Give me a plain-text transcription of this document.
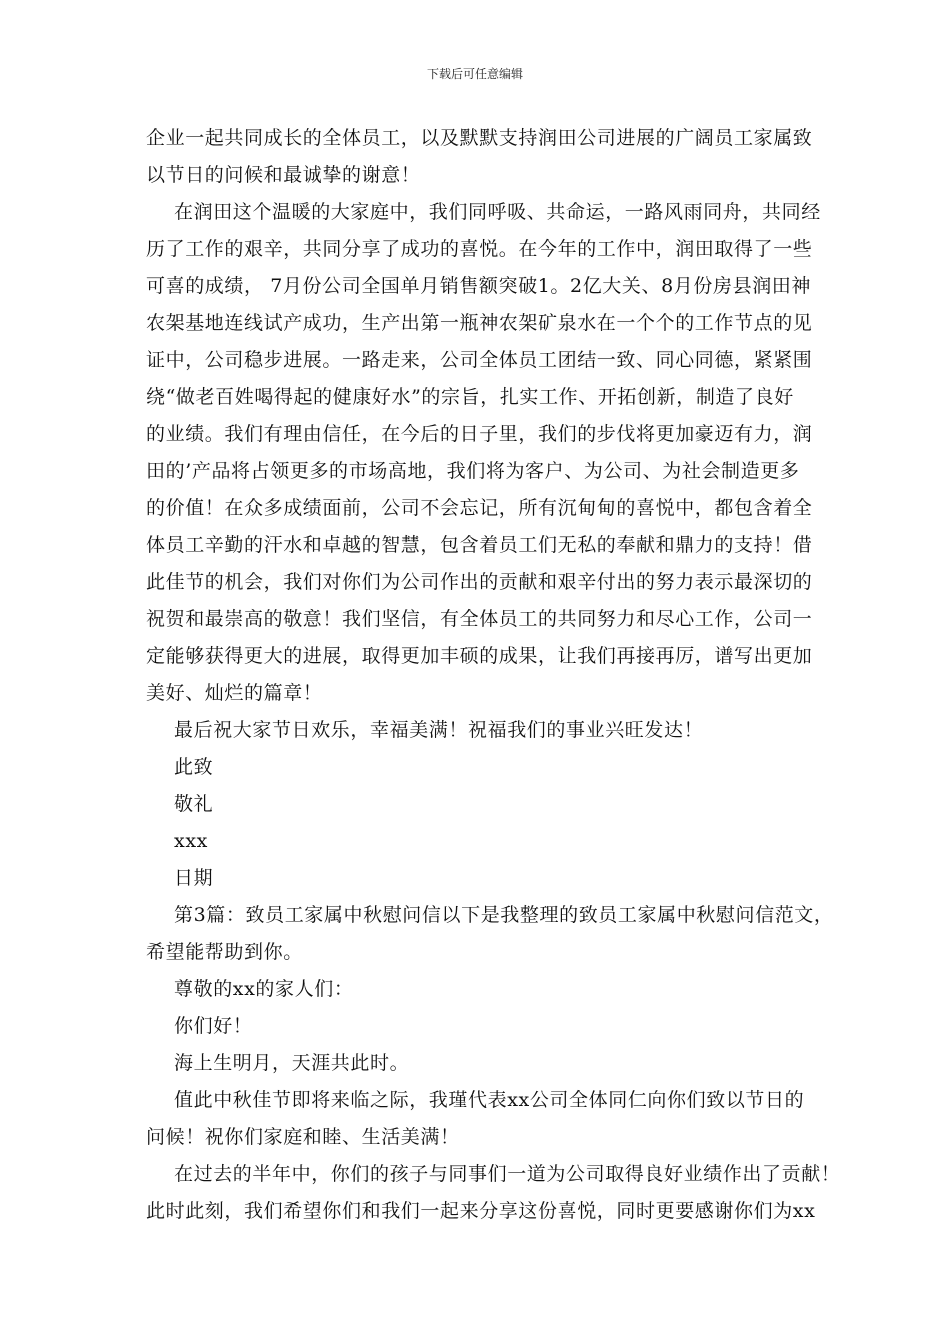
下载后可任意编辑
企业一起共同成长的全体员工，以及默默支持润田公司进展的广阔员工家属致
以节日的问候和最诚挚的谢意！
在润田这个温暖的大家庭中，我们同呼吸、共命运，一路风雨同舟，共同经
历了工作的艰辛，共同分享了成功的喜悦。在今年的工作中，润田取得了一些
可喜的成绩， 7月份公司全国单月销售额突破1。2亿大关、8月份房县润田神
农架基地连线试产成功，生产出第一瓶神农架矿泉水在一个个的工作节点的见
证中，公司稳步进展。一路走来，公司全体员工团结一致、同心同德，紧紧围
绕“做老百姓喝得起的健康好水”的宗旨，扎实工作、开拓创新，制造了良好
的业绩。我们有理由信任，在今后的日子里，我们的步伐将更加豪迈有力，润
田的’产品将占领更多的市场高地，我们将为客户、为公司、为社会制造更多
的价值！在众多成绩面前，公司不会忘记，所有沉甸甸的喜悦中，都包含着全
体员工辛勤的汗水和卓越的智慧，包含着员工们无私的奉献和鼎力的支持！借
此佳节的机会，我们对你们为公司作出的贡献和艰辛付出的努力表示最深切的
祝贺和最崇高的敬意！我们坚信，有全体员工的共同努力和尽心工作，公司一
定能够获得更大的进展，取得更加丰硕的成果，让我们再接再厉，谱写出更加
美好、灿烂的篇章！
最后祝大家节日欢乐，幸福美满！祝福我们的事业兴旺发达！
此致
敬礼
xxx
日期
第3篇：致员工家属中秋慰问信以下是我整理的致员工家属中秋慰问信范文，
希望能帮助到你。
尊敬的xx的家人们：
你们好！
海上生明月，天涯共此时。
值此中秋佳节即将来临之际，我瑾代表xx公司全体同仁向你们致以节日的
问候！祝你们家庭和睦、生活美满！
在过去的半年中，你们的孩子与同事们一道为公司取得良好业绩作出了贡献！
此时此刻，我们希望你们和我们一起来分享这份喜悦，同时更要感谢你们为xx
